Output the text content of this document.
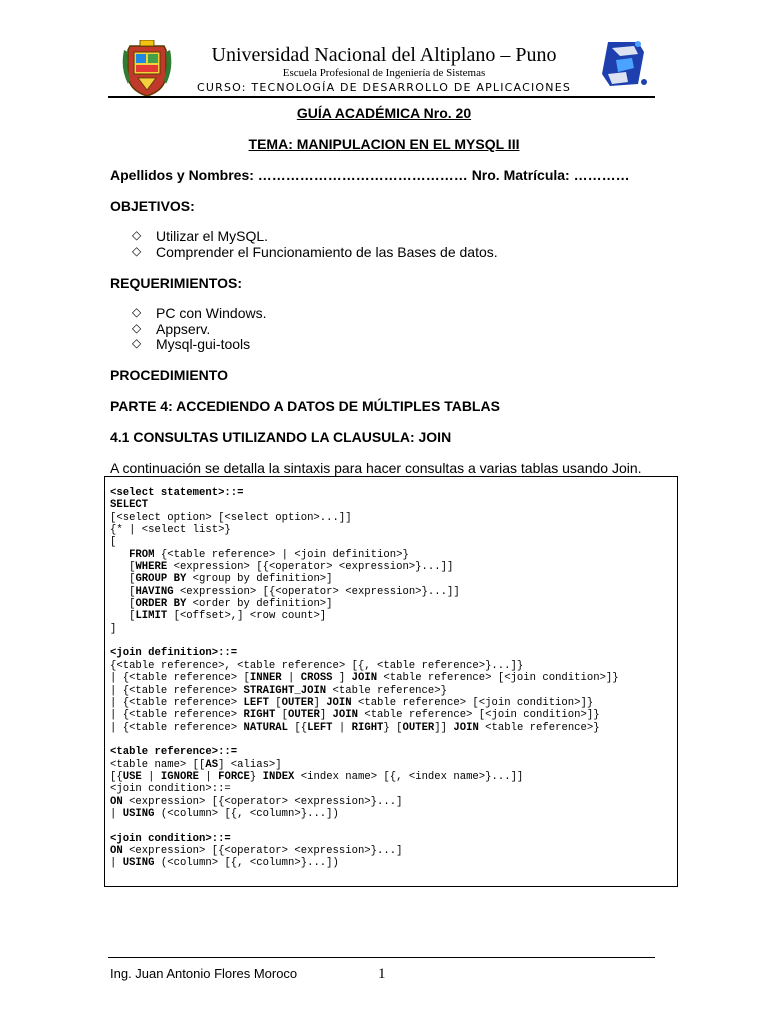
Universidad Nacional del Altiplano – Puno
Escuela Profesional de Ingeniería de Sistemas
CURSO: TECNOLOGÍA DE DESARROLLO DE APLICACIONES
GUÍA ACADÉMICA Nro. 20
TEMA: MANIPULACION EN EL MYSQL III
Apellidos y Nombres: ……………………………………… Nro. Matrícula: …………
OBJETIVOS:
◇ Utilizar el MySQL.
◇ Comprender el Funcionamiento de las Bases de datos.
REQUERIMIENTOS:
◇ PC con Windows.
◇ Appserv.
◇ Mysql-gui-tools
PROCEDIMIENTO
PARTE 4: ACCEDIENDO A DATOS DE MÚLTIPLES TABLAS
4.1 CONSULTAS UTILIZANDO LA CLAUSULA: JOIN
A continuación se detalla la sintaxis para hacer consultas a varias tablas usando Join.
<select statement>::=
SELECT
[<select option> [<select option>...]]
{* | <select list>}
[
FROM {<table reference> | <join definition>}
[WHERE <expression> [{<operator> <expression>}...]]
[GROUP BY <group by definition>]
[HAVING <expression> [{<operator> <expression>}...]]
[ORDER BY <order by definition>]
[LIMIT [<offset>,] <row count>]
]

<join definition>::=
{<table reference>, <table reference> [{, <table reference>}...]}
| {<table reference> [INNER | CROSS ] JOIN <table reference> [<join condition>]}
| {<table reference> STRAIGHT_JOIN <table reference>}
| {<table reference> LEFT [OUTER] JOIN <table reference> [<join condition>]}
| {<table reference> RIGHT [OUTER] JOIN <table reference> [<join condition>]}
| {<table reference> NATURAL [{LEFT | RIGHT} [OUTER]] JOIN <table reference>}

<table reference>::=
<table name> [[AS] <alias>]
[{USE | IGNORE | FORCE} INDEX <index name> [{, <index name>}...]]
<join condition>::=
ON <expression> [{<operator> <expression>}...]
| USING (<column> [{, <column>}...])

<join condition>::=
ON <expression> [{<operator> <expression>}...]
| USING (<column> [{, <column>}...])
Ing. Juan Antonio Flores Moroco	1
